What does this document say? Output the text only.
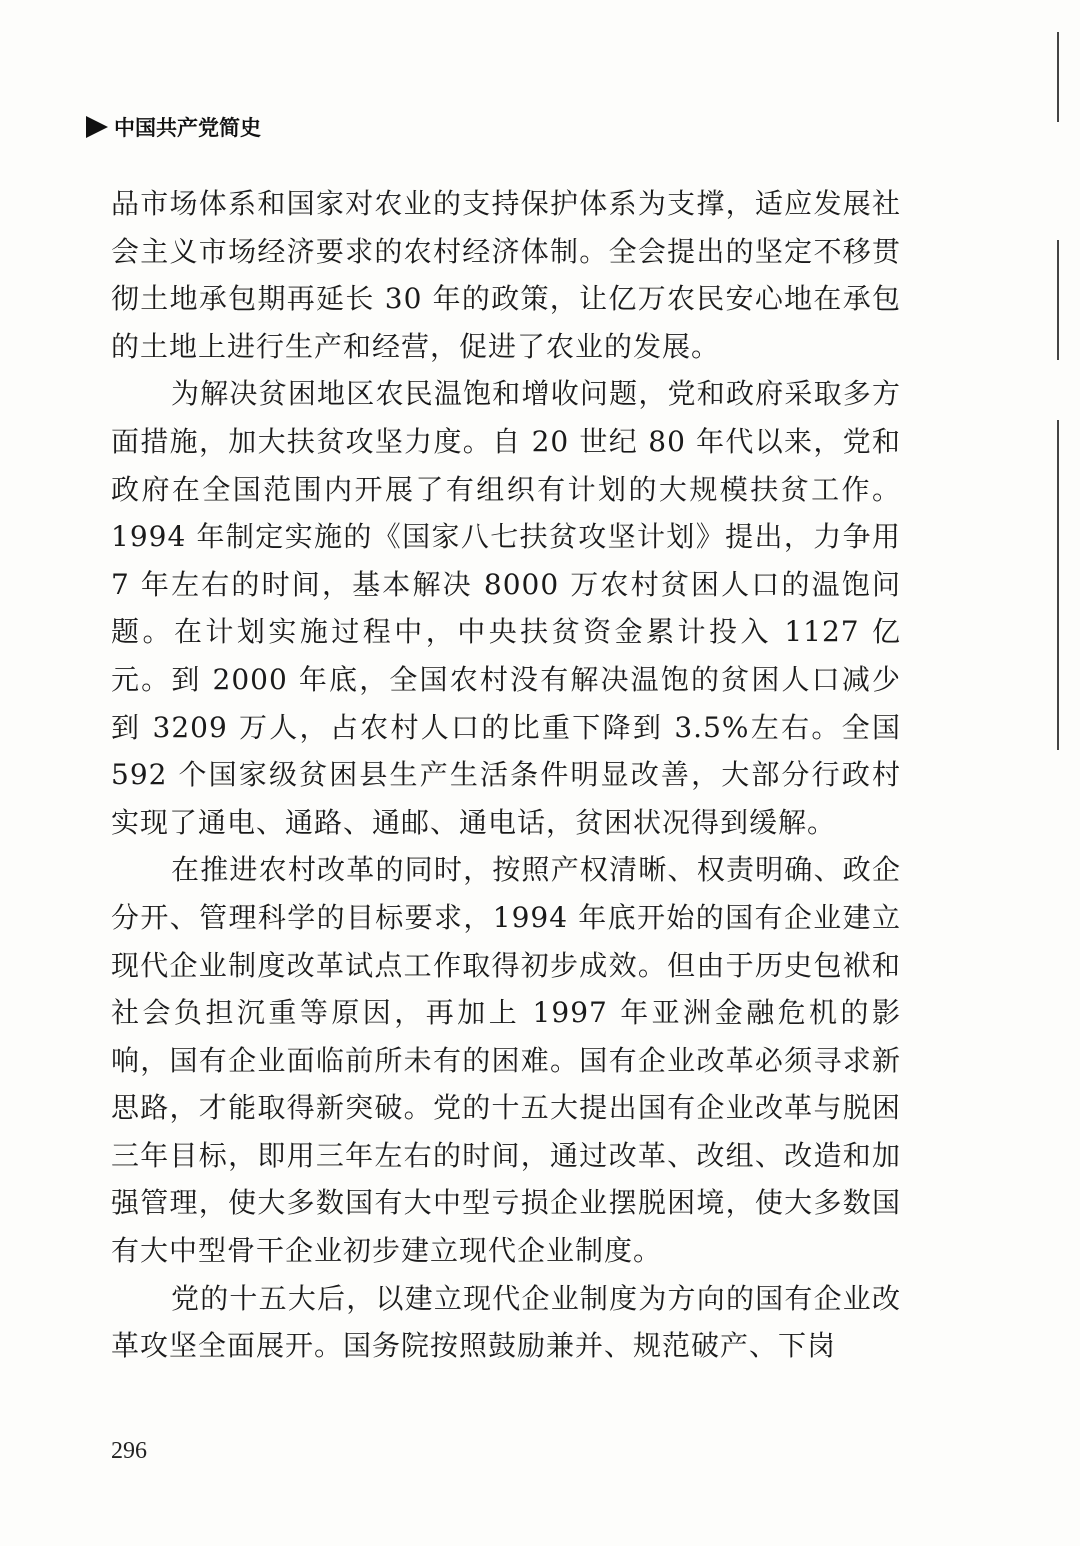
中国共产党简史

品市场体系和国家对农业的支持保护体系为支撑，适应发展社会主义市场经济要求的农村经济体制。全会提出的坚定不移贯彻土地承包期再延长 30 年的政策，让亿万农民安心地在承包的土地上进行生产和经营，促进了农业的发展。

为解决贫困地区农民温饱和增收问题，党和政府采取多方面措施，加大扶贫攻坚力度。自 20 世纪 80 年代以来，党和政府在全国范围内开展了有组织有计划的大规模扶贫工作。1994 年制定实施的《国家八七扶贫攻坚计划》提出，力争用 7 年左右的时间，基本解决 8000 万农村贫困人口的温饱问题。在计划实施过程中，中央扶贫资金累计投入 1127 亿元。到 2000 年底，全国农村没有解决温饱的贫困人口减少到 3209 万人，占农村人口的比重下降到 3.5%左右。全国 592 个国家级贫困县生产生活条件明显改善，大部分行政村实现了通电、通路、通邮、通电话，贫困状况得到缓解。

在推进农村改革的同时，按照产权清晰、权责明确、政企分开、管理科学的目标要求，1994 年底开始的国有企业建立现代企业制度改革试点工作取得初步成效。但由于历史包袱和社会负担沉重等原因，再加上 1997 年亚洲金融危机的影响，国有企业面临前所未有的困难。国有企业改革必须寻求新思路，才能取得新突破。党的十五大提出国有企业改革与脱困三年目标，即用三年左右的时间，通过改革、改组、改造和加强管理，使大多数国有大中型亏损企业摆脱困境，使大多数国有大中型骨干企业初步建立现代企业制度。

党的十五大后，以建立现代企业制度为方向的国有企业改革攻坚全面展开。国务院按照鼓励兼并、规范破产、下岗

296
